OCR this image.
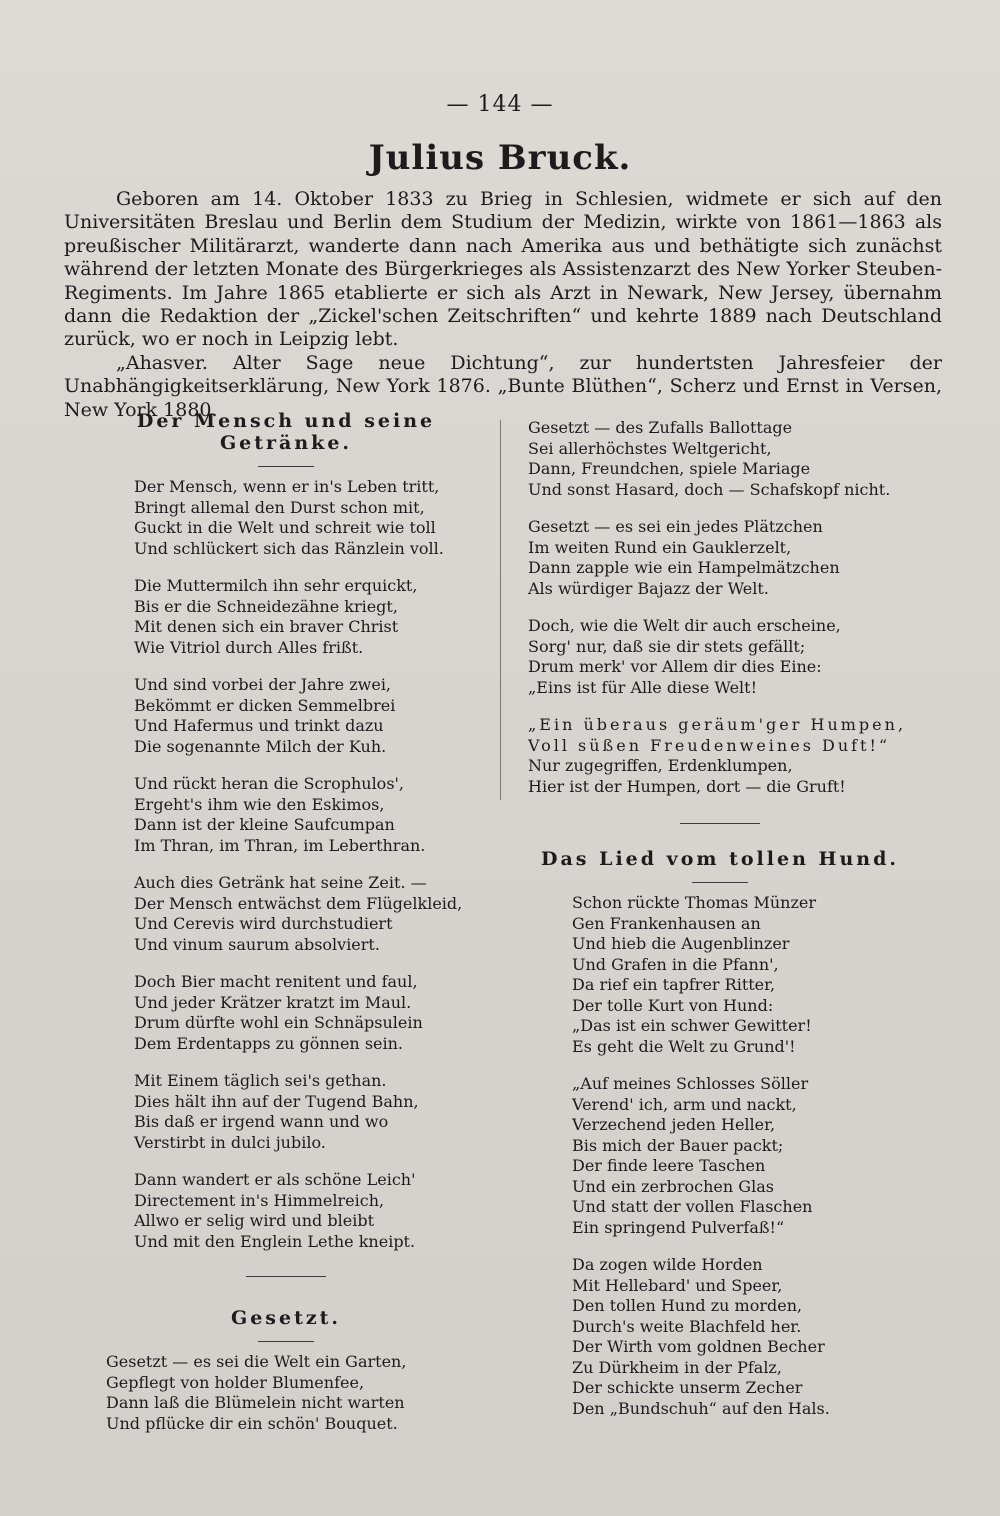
— 144 —
Julius Bruck.

Geboren am 14. Oktober 1833 zu Brieg in Schlesien, widmete er sich auf den Universitäten Breslau und Berlin dem Studium der Medizin, wirkte von 1861—1863 als preußischer Militärarzt, wanderte dann nach Amerika aus und bethätigte sich zunächst während der letzten Monate des Bürgerkrieges als Assistenzarzt des New Yorker Steuben-Regiments. Im Jahre 1865 etablierte er sich als Arzt in Newark, New Jersey, übernahm dann die Redaktion der „Zickel'schen Zeitschriften“ und kehrte 1889 nach Deutschland zurück, wo er noch in Leipzig lebt.

„Ahasver. Alter Sage neue Dichtung“, zur hundertsten Jahresfeier der Unabhängigkeitserklärung, New York 1876. „Bunte Blüthen“, Scherz und Ernst in Versen, New York 1880.

Der Mensch und seine Getränke.
Der Mensch, wenn er in's Leben tritt,
Bringt allemal den Durst schon mit,
Guckt in die Welt und schreit wie toll
Und schlückert sich das Ränzlein voll.
Die Muttermilch ihn sehr erquickt,
Bis er die Schneidezähne kriegt,
Mit denen sich ein braver Christ
Wie Vitriol durch Alles frißt.
Und sind vorbei der Jahre zwei,
Bekömmt er dicken Semmelbrei
Und Hafermus und trinkt dazu
Die sogenannte Milch der Kuh.
Und rückt heran die Scrophulos',
Ergeht's ihm wie den Eskimos,
Dann ist der kleine Saufcumpan
Im Thran, im Thran, im Leberthran.
Auch dies Getränk hat seine Zeit. —
Der Mensch entwächst dem Flügelkleid,
Und Cerevis wird durchstudiert
Und vinum saurum absolviert.
Doch Bier macht renitent und faul,
Und jeder Krätzer kratzt im Maul.
Drum dürfte wohl ein Schnäpsulein
Dem Erdentapps zu gönnen sein.
Mit Einem täglich sei's gethan.
Dies hält ihn auf der Tugend Bahn,
Bis daß er irgend wann und wo
Verstirbt in dulci jubilo.
Dann wandert er als schöne Leich'
Directement in's Himmelreich,
Allwo er selig wird und bleibt
Und mit den Englein Lethe kneipt.
Gesetzt.
Gesetzt — es sei die Welt ein Garten,
Gepflegt von holder Blumenfee,
Dann laß die Blümelein nicht warten
Und pflücke dir ein schön' Bouquet.
Gesetzt — des Zufalls Ballottage
Sei allerhöchstes Weltgericht,
Dann, Freundchen, spiele Mariage
Und sonst Hasard, doch — Schafskopf nicht.
Gesetzt — es sei ein jedes Plätzchen
Im weiten Rund ein Gauklerzelt,
Dann zapple wie ein Hampelmätzchen
Als würdiger Bajazz der Welt.
Doch, wie die Welt dir auch erscheine,
Sorg' nur, daß sie dir stets gefällt;
Drum merk' vor Allem dir dies Eine:
„Eins ist für Alle diese Welt!
„Ein überaus geräum'ger Humpen,
Voll süßen Freudenweines Duft!“
Nur zugegriffen, Erdenklumpen,
Hier ist der Humpen, dort — die Gruft!
Das Lied vom tollen Hund.
Schon rückte Thomas Münzer
Gen Frankenhausen an
Und hieb die Augenblinzer
Und Grafen in die Pfann',
Da rief ein tapfrer Ritter,
Der tolle Kurt von Hund:
„Das ist ein schwer Gewitter!
Es geht die Welt zu Grund'!
„Auf meines Schlosses Söller
Verend' ich, arm und nackt,
Verzechend jeden Heller,
Bis mich der Bauer packt;
Der finde leere Taschen
Und ein zerbrochen Glas
Und statt der vollen Flaschen
Ein springend Pulverfaß!“
Da zogen wilde Horden
Mit Hellebard' und Speer,
Den tollen Hund zu morden,
Durch's weite Blachfeld her.
Der Wirth vom goldnen Becher
Zu Dürkheim in der Pfalz,
Der schickte unserm Zecher
Den „Bundschuh“ auf den Hals.
